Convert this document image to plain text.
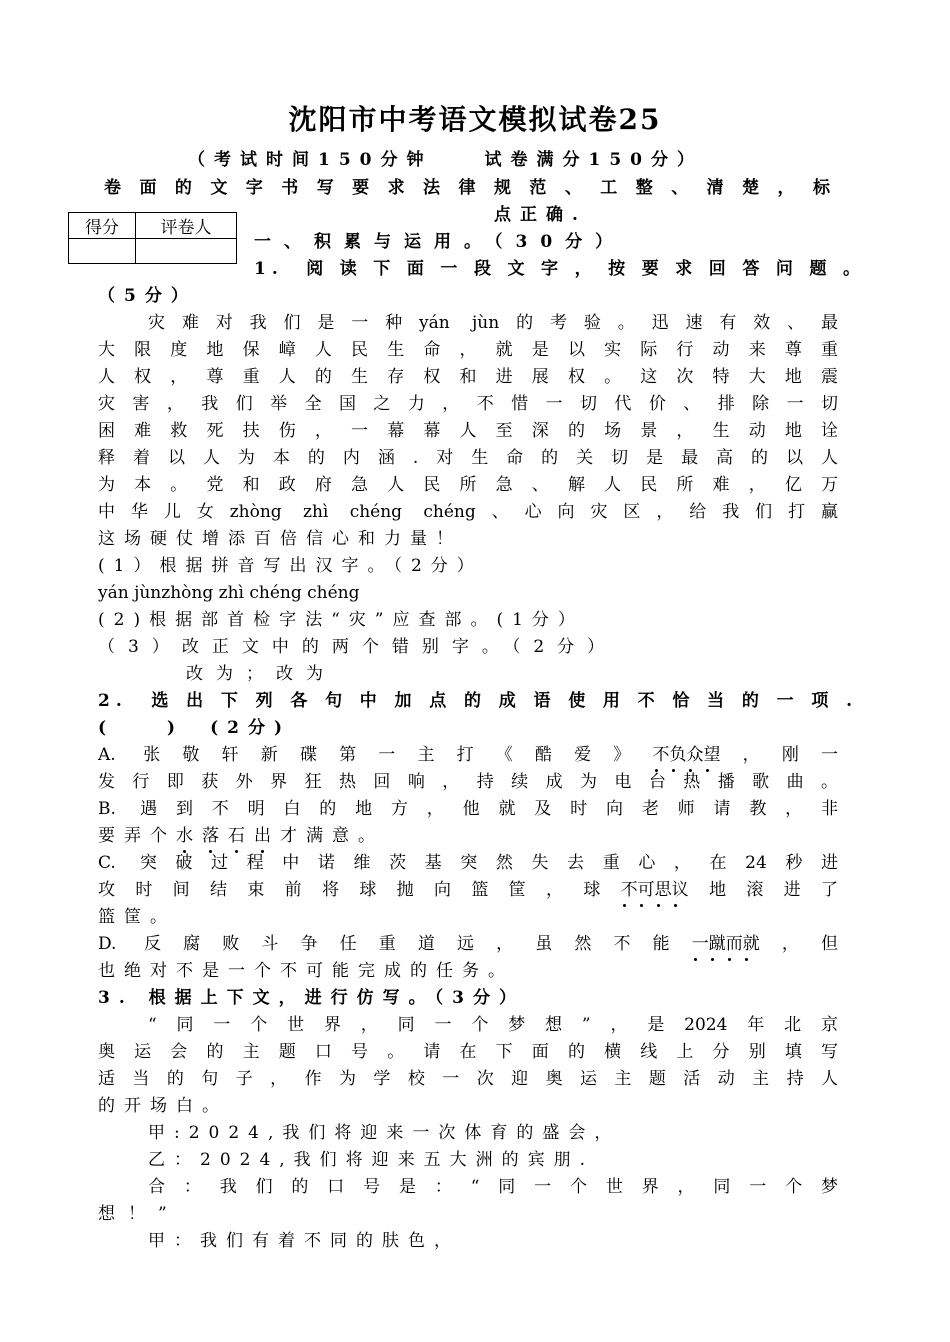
沈阳市中考语文模拟试卷25
（考试时间150分钟　　试卷满分150分）
卷面的文字书写要求法律规范、工整、清楚，标
点正确.
得分	评卷人

一、积累与运用。（30分）
1. 阅读下面一段文字，按要求回答问题。
（5分）
灾难对我们是一种yán jùn的考验。迅速有效、最
大限度地保嶂人民生命，就是以实际行动来尊重
人权，尊重人的生存权和进展权。这次特大地震
灾害，我们举全国之力，不惜一切代价、排除一切
困难救死扶伤，一幕幕人至深的场景，生动地诠
释着以人为本的内涵.对生命的关切是最高的以人
为本。党和政府急人民所急、解人民所难，亿万
中华儿女zhòng zhì chéng chéng、心向灾区，给我们打赢
这场硬仗增添百倍信心和力量！
(1）根据拼音写出汉字。（2分）
yán jùnzhòng zhì chéng chéng
(2)根据部首检字法“灾”应查部。(1分）
（3）改正文中的两个错别字。（2分）
改为；改为
2. 选出下列各句中加点的成语使用不恰当的一项.
(　　)　(2分)
A. 张敬轩新碟第一主打《酷爱》不负众望，刚一
发行即获外界狂热回响，持续成为电台热播歌曲。
B. 遇到不明白的地方，他就及时向老师请教，非
要弄个水落石出才满意。
C. 突破过程中诺维茨基突然失去重心，在24秒进
攻时间结束前将球抛向篮筐，球不可思议地滚进了
篮筐。
D. 反腐败斗争任重道远，虽然不能一蹴而就，但
也绝对不是一个不可能完成的任务。
3. 根据上下文，进行仿写。（3分）
“同一个世界，同一个梦想”，是2024年北京
奥运会的主题口号。请在下面的横线上分别填写
适当的句子，作为学校一次迎奥运主题活动主持人
的开场白。
甲:2024,我们将迎来一次体育的盛会，
乙：2024,我们将迎来五大洲的宾朋.
合：我们的口号是：“同一个世界，同一个梦
想！”
甲：我们有着不同的肤色，
